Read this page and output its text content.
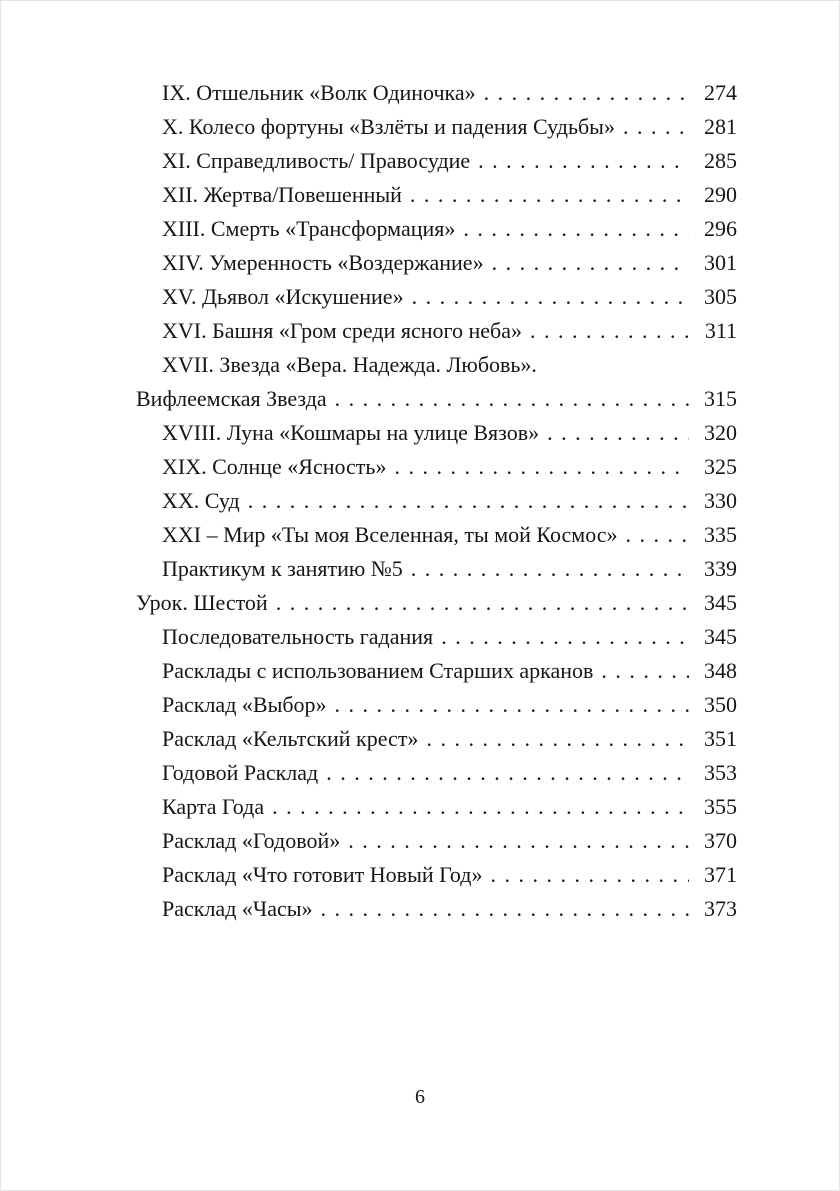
IX. Отшельник «Волк Одиночка» . . .	274
X. Колесо фортуны «Взлёты и падения Судьбы» . . .	281
XI. Справедливость/ Правосудие . . .	285
XII. Жертва/Повешенный . . .	290
XIII. Смерть «Трансформация» . . .	296
XIV. Умеренность «Воздержание» . . .	301
XV. Дьявол «Искушение» . . .	305
XVI. Башня «Гром среди ясного неба» . . .	311
XVII. Звезда «Вера. Надежда. Любовь».
Вифлеемская Звезда . . .	315
XVIII. Луна «Кошмары на улице Вязов» . . .	320
XIX. Солнце «Ясность» . . .	325
XX. Суд . . .	330
XXI – Мир «Ты моя Вселенная, ты мой Космос» . . .	335
Практикум к занятию №5 . . .	339
Урок. Шестой . . .	345
Последовательность гадания . . .	345
Расклады с использованием Старших арканов . . .	348
Расклад «Выбор» . . .	350
Расклад «Кельтский крест» . . .	351
Годовой Расклад . . .	353
Карта Года . . .	355
Расклад «Годовой» . . .	370
Расклад «Что готовит Новый Год» . . .	371
Расклад «Часы» . . .	373
6
